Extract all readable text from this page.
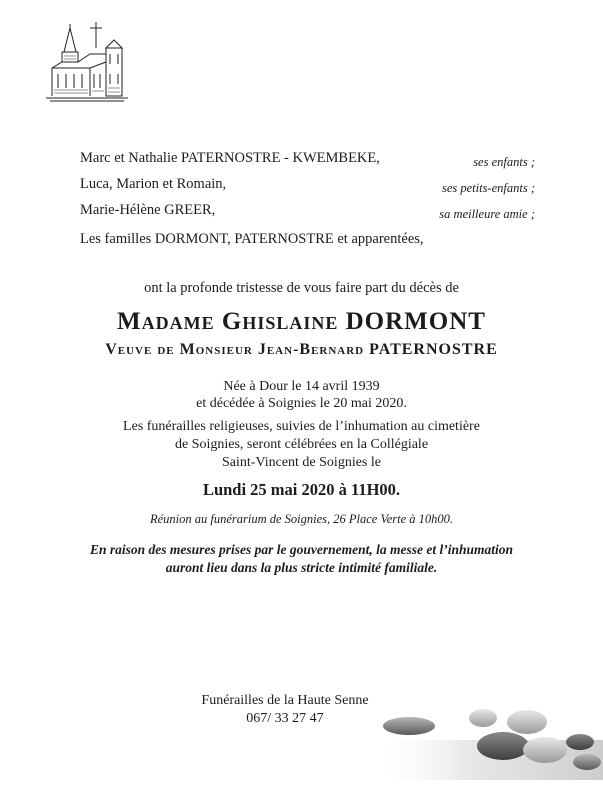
Marc et Nathalie PATERNOSTRE - KWEMBEKE,	ses enfants ;
Luca, Marion et Romain,	ses petits-enfants ;
Marie-Hélène GREER,	sa meilleure amie ;
Les familles DORMONT, PATERNOSTRE et apparentées,
ont la profonde tristesse de vous faire part du décès de
Madame Ghislaine DORMONT
Veuve de Monsieur Jean-Bernard PATERNOSTRE
Née à Dour le 14 avril 1939
et décédée à Soignies le 20 mai 2020.
Les funérailles religieuses, suivies de l’inhumation au cimetière
de Soignies, seront célébrées en la Collégiale
Saint-Vincent de Soignies le
Lundi 25 mai 2020 à 11H00.
Réunion au funérarium de Soignies, 26 Place Verte à 10h00.
En raison des mesures prises par le gouvernement, la messe et l’inhumation
auront lieu dans la plus stricte intimité familiale.
Funérailles de la Haute Senne
067/ 33 27 47
